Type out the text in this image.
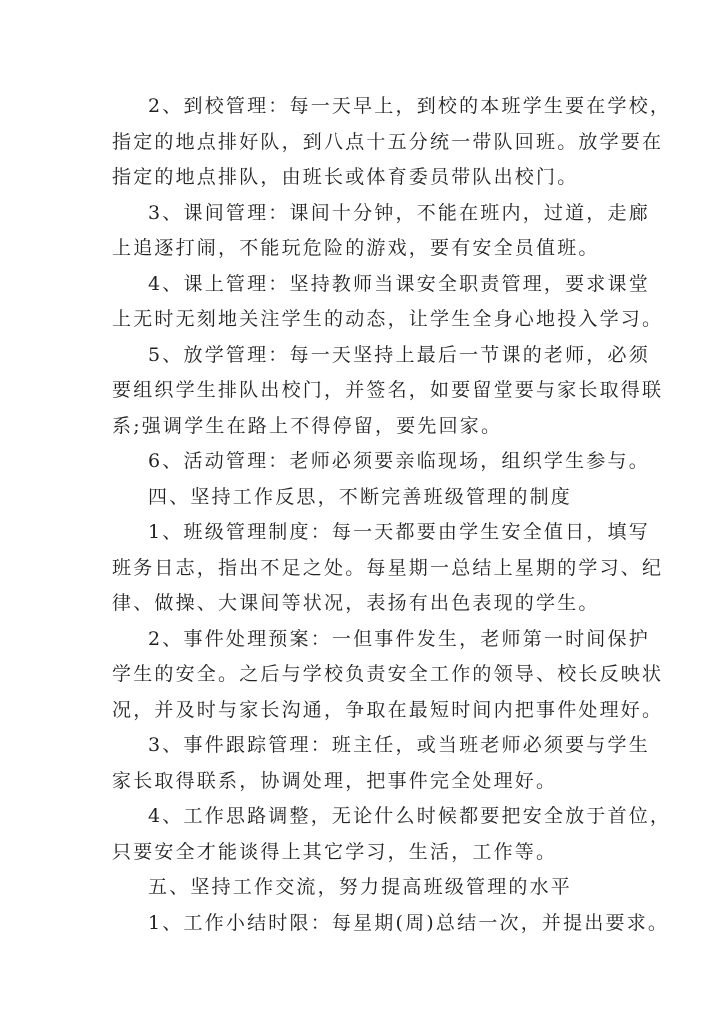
2、到校管理：每一天早上，到校的本班学生要在学校，
指定的地点排好队，到八点十五分统一带队回班。放学要在
指定的地点排队，由班长或体育委员带队出校门。
3、课间管理：课间十分钟，不能在班内，过道，走廊
上追逐打闹，不能玩危险的游戏，要有安全员值班。
4、课上管理：坚持教师当课安全职责管理，要求课堂
上无时无刻地关注学生的动态，让学生全身心地投入学习。
5、放学管理：每一天坚持上最后一节课的老师，必须
要组织学生排队出校门，并签名，如要留堂要与家长取得联
系;强调学生在路上不得停留，要先回家。
6、活动管理：老师必须要亲临现场，组织学生参与。
四、坚持工作反思，不断完善班级管理的制度
1、班级管理制度：每一天都要由学生安全值日，填写
班务日志，指出不足之处。每星期一总结上星期的学习、纪
律、做操、大课间等状况，表扬有出色表现的学生。
2、事件处理预案：一但事件发生，老师第一时间保护
学生的安全。之后与学校负责安全工作的领导、校长反映状
况，并及时与家长沟通，争取在最短时间内把事件处理好。
3、事件跟踪管理：班主任，或当班老师必须要与学生
家长取得联系，协调处理，把事件完全处理好。
4、工作思路调整，无论什么时候都要把安全放于首位，
只要安全才能谈得上其它学习，生活，工作等。
五、坚持工作交流，努力提高班级管理的水平
1、工作小结时限：每星期(周)总结一次，并提出要求。
